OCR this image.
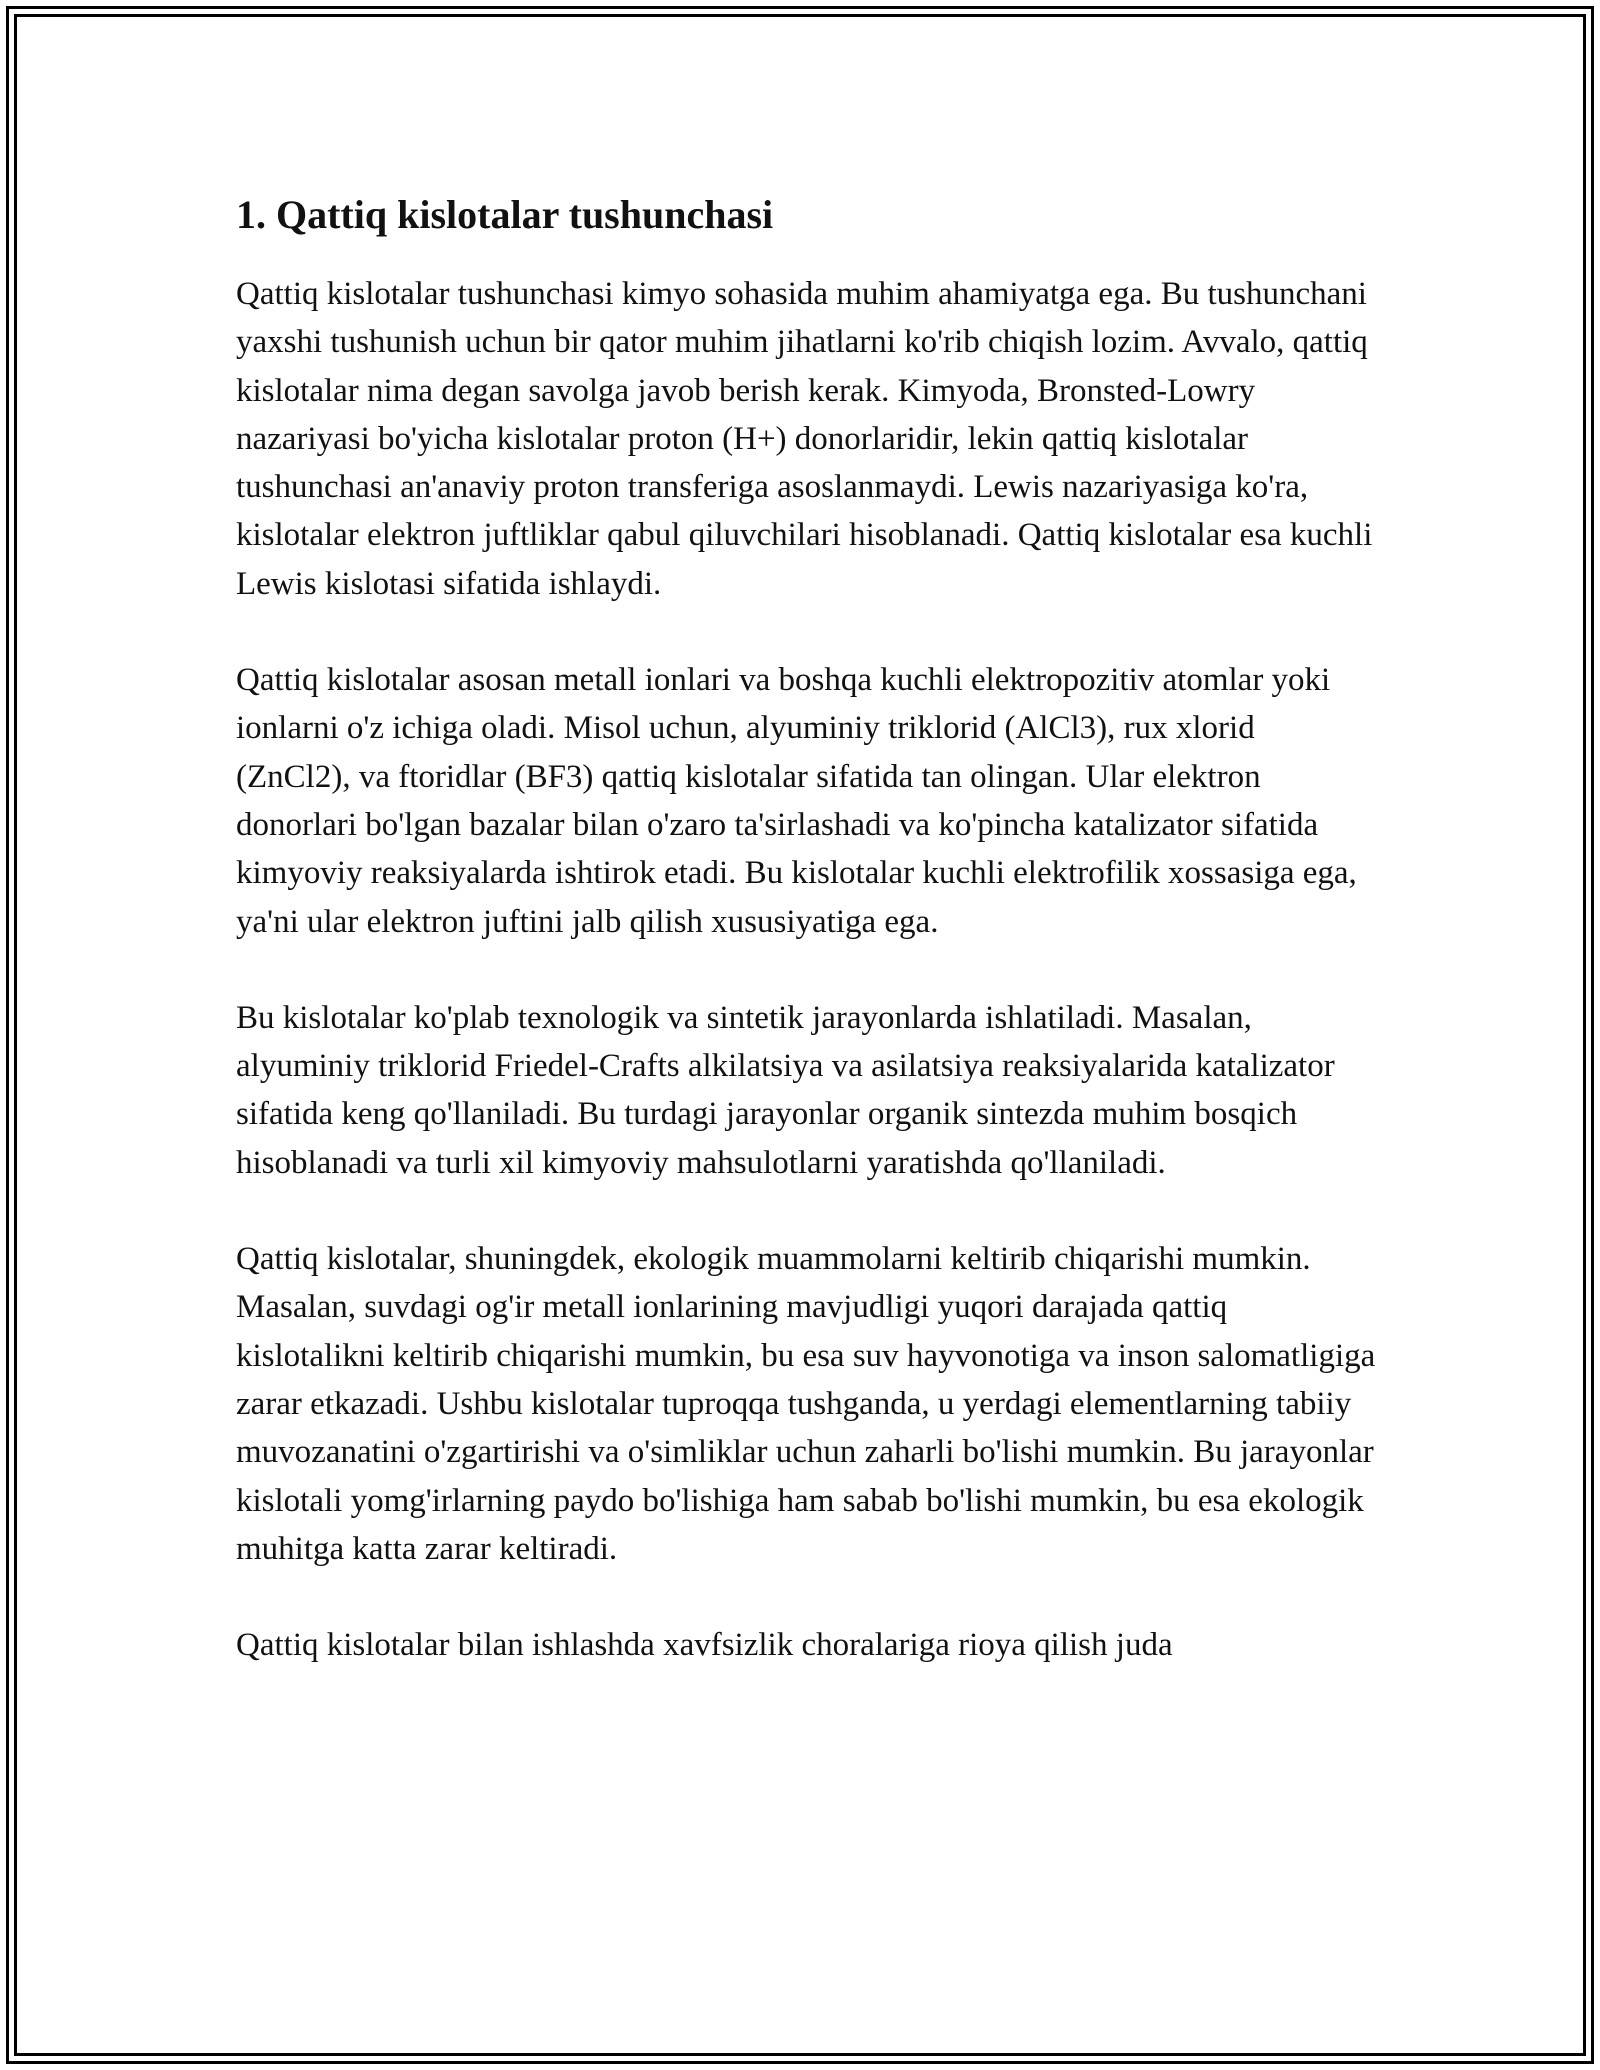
1. Qattiq kislotalar tushunchasi

Qattiq kislotalar tushunchasi kimyo sohasida muhim ahamiyatga ega. Bu tushunchani yaxshi tushunish uchun bir qator muhim jihatlarni ko'rib chiqish lozim. Avvalo, qattiq kislotalar nima degan savolga javob berish kerak. Kimyoda, Bronsted-Lowry nazariyasi bo'yicha kislotalar proton (H+) donorlaridir, lekin qattiq kislotalar tushunchasi an'anaviy proton transferiga asoslanmaydi. Lewis nazariyasiga ko'ra, kislotalar elektron juftliklar qabul qiluvchilari hisoblanadi. Qattiq kislotalar esa kuchli Lewis kislotasi sifatida ishlaydi.

Qattiq kislotalar asosan metall ionlari va boshqa kuchli elektropozitiv atomlar yoki ionlarni o'z ichiga oladi. Misol uchun, alyuminiy triklorid (AlCl3), rux xlorid (ZnCl2), va ftoridlar (BF3) qattiq kislotalar sifatida tan olingan. Ular elektron donorlari bo'lgan bazalar bilan o'zaro ta'sirlashadi va ko'pincha katalizator sifatida kimyoviy reaksiyalarda ishtirok etadi. Bu kislotalar kuchli elektrofilik xossasiga ega, ya'ni ular elektron juftini jalb qilish xususiyatiga ega.

Bu kislotalar ko'plab texnologik va sintetik jarayonlarda ishlatiladi. Masalan, alyuminiy triklorid Friedel-Crafts alkilatsiya va asilatsiya reaksiyalarida katalizator sifatida keng qo'llaniladi. Bu turdagi jarayonlar organik sintezda muhim bosqich hisoblanadi va turli xil kimyoviy mahsulotlarni yaratishda qo'llaniladi.

Qattiq kislotalar, shuningdek, ekologik muammolarni keltirib chiqarishi mumkin. Masalan, suvdagi og'ir metall ionlarining mavjudligi yuqori darajada qattiq kislotalikni keltirib chiqarishi mumkin, bu esa suv hayvonotiga va inson salomatligiga zarar etkazadi. Ushbu kislotalar tuproqqa tushganda, u yerdagi elementlarning tabiiy muvozanatini o'zgartirishi va o'simliklar uchun zaharli bo'lishi mumkin. Bu jarayonlar kislotali yomg'irlarning paydo bo'lishiga ham sabab bo'lishi mumkin, bu esa ekologik muhitga katta zarar keltiradi.

Qattiq kislotalar bilan ishlashda xavfsizlik choralariga rioya qilish juda
